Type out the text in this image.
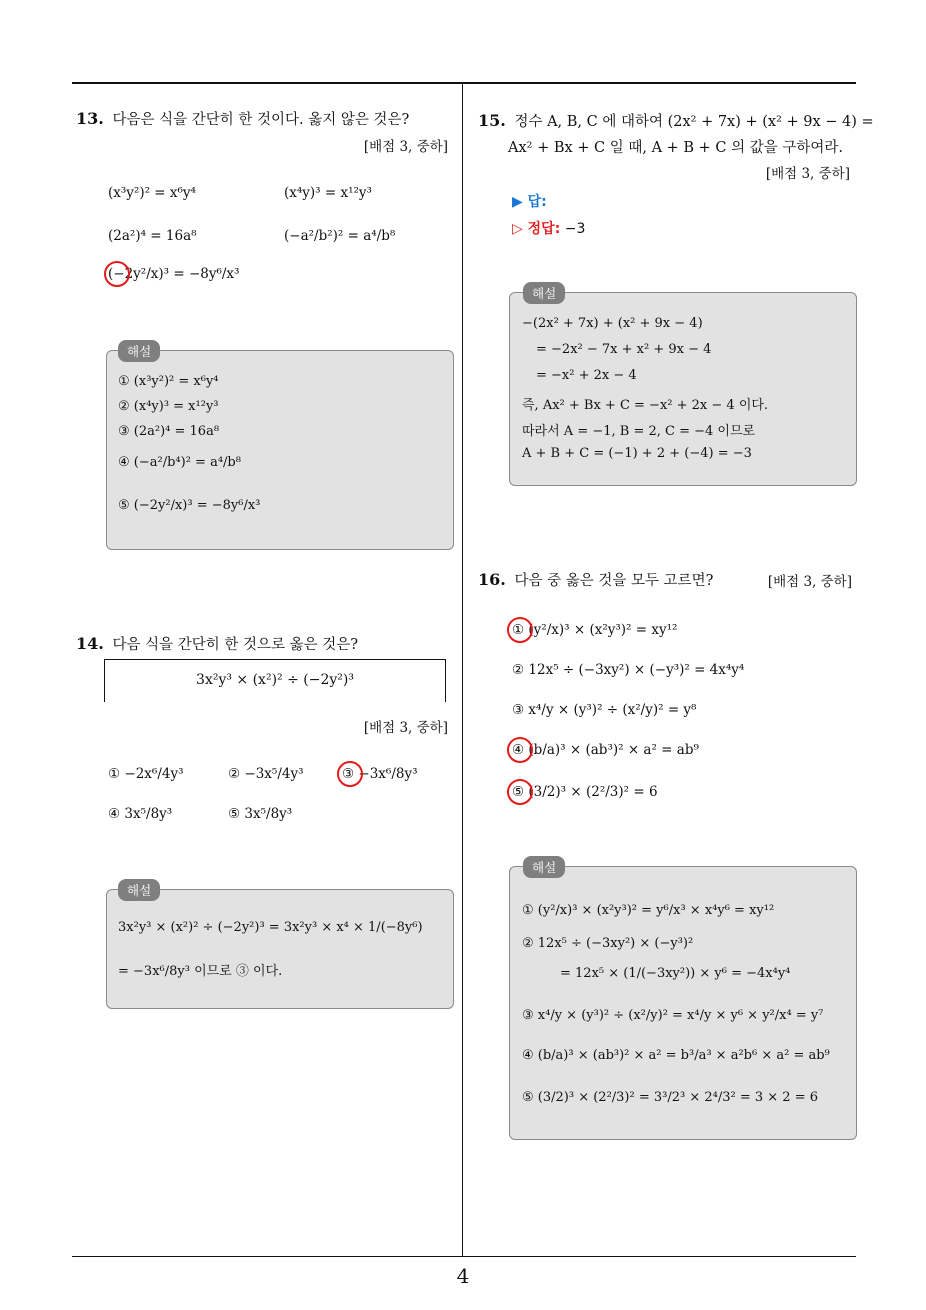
13. 다음은 식을 간단히 한 것이다. 옳지 않은 것은?
[배점 3, 중하]
(x³y²)² = x⁶y⁴	(x⁴y)³ = x¹²y³
(2a²)⁴ = 16a⁸	(−a²/b²)² = a⁴/b⁸
(−2y²/x)³ = −8y⁶/x³
해설
① (x³y²)² = x⁶y⁴
② (x⁴y)³ = x¹²y³
③ (2a²)⁴ = 16a⁸
④ (−a²/b⁴)² = a⁴/b⁸
⑤ (−2y²/x)³ = −8y⁶/x³
14. 다음 식을 간단히 한 것으로 옳은 것은?
3x²y³ × (x²)² ÷ (−2y²)³
[배점 3, 중하]
① −2x⁶/4y³	② −3x⁵/4y³	③ −3x⁶/8y³
④ 3x⁵/8y³	⑤ 3x⁵/8y³
해설
3x²y³ × (x²)² ÷ (−2y²)³ = 3x²y³ × x⁴ × 1/(−8y⁶)
= −3x⁶/8y³ 이므로 ③ 이다.
15. 정수 A, B, C 에 대하여 (2x² + 7x) + (x² + 9x − 4) =
Ax² + Bx + C 일 때, A + B + C 의 값을 구하여라.
[배점 3, 중하]
▶ 답:
▷ 정답: −3
해설
−(2x² + 7x) + (x² + 9x − 4)
= −2x² − 7x + x² + 9x − 4
= −x² + 2x − 4
즉, Ax² + Bx + C = −x² + 2x − 4 이다.
따라서 A = −1, B = 2, C = −4 이므로
A + B + C = (−1) + 2 + (−4) = −3
16. 다음 중 옳은 것을 모두 고르면?	[배점 3, 중하]
① (y²/x)³ × (x²y³)² = xy¹²
② 12x⁵ ÷ (−3xy²) × (−y³)² = 4x⁴y⁴
③ x⁴/y × (y³)² ÷ (x²/y)² = y⁸
④ (b/a)³ × (ab³)² × a² = ab⁹
⑤ (3/2)³ × (2²/3)² = 6
해설
① (y²/x)³ × (x²y³)² = y⁶/x³ × x⁴y⁶ = xy¹²
② 12x⁵ ÷ (−3xy²) × (−y³)²
= 12x⁵ × (1/(−3xy²)) × y⁶ = −4x⁴y⁴
③ x⁴/y × (y³)² ÷ (x²/y)² = x⁴/y × y⁶ × y²/x⁴ = y⁷
④ (b/a)³ × (ab³)² × a² = b³/a³ × a²b⁶ × a² = ab⁹
⑤ (3/2)³ × (2²/3)² = 3³/2³ × 2⁴/3² = 3 × 2 = 6
4
